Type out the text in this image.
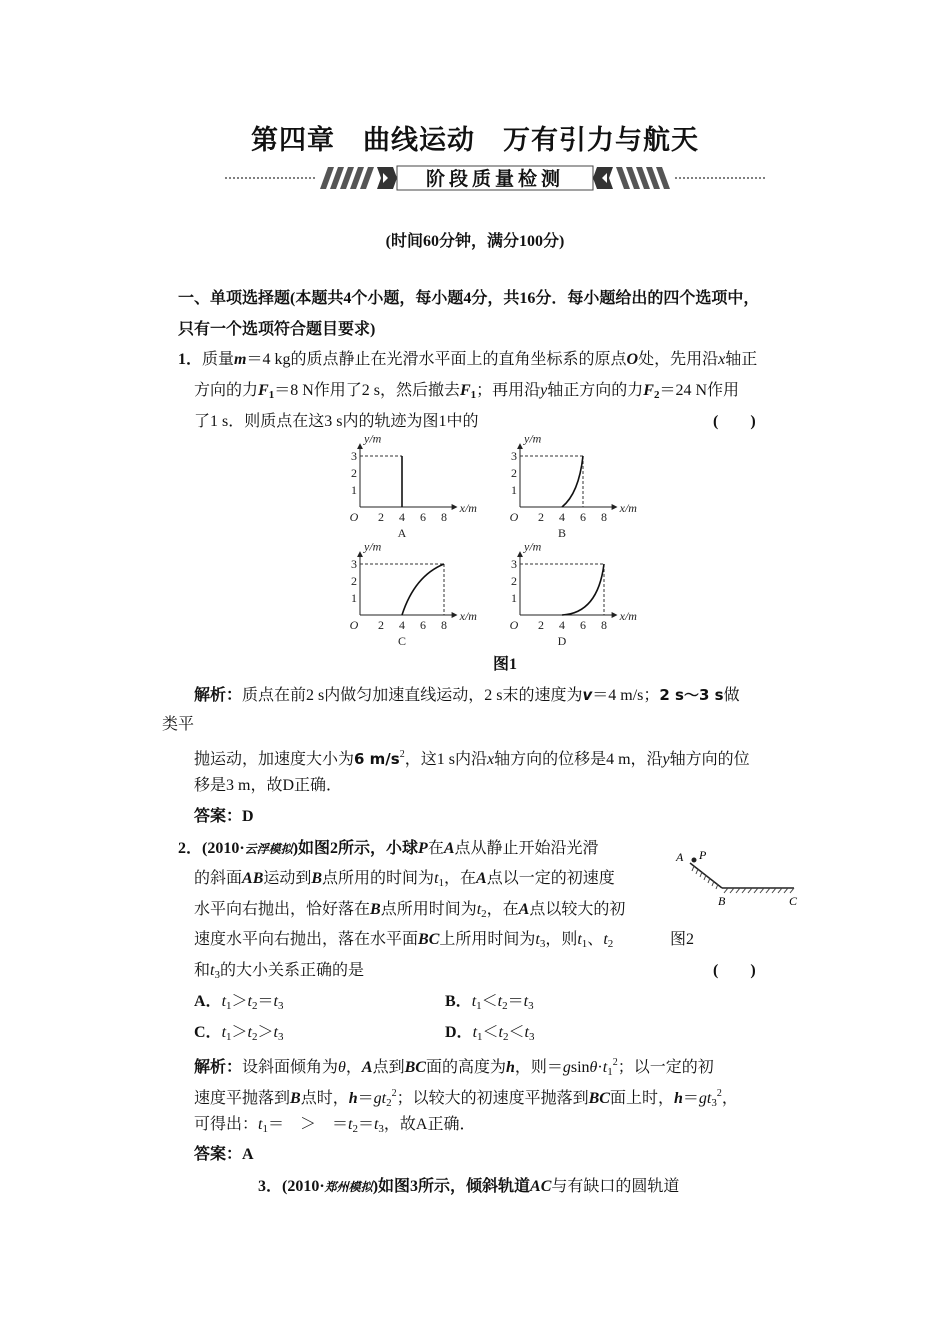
第四章　曲线运动　万有引力与航天
阶段质量检测
(时间60分钟，满分100分)
一、单项选择题(本题共4个小题，每小题4分，共16分．每小题给出的四个选项中，
只有一个选项符合题目要求)
1．质量m＝4 kg的质点静止在光滑水平面上的直角坐标系的原点O处，先用沿x轴正
方向的力$F_1=8$ N作用了2 s，然后撤去$F_1$；再用沿y轴正方向的力$F_2=24$ N作用
了1 s．则质点在这3 s内的轨迹为图1中的	(　　)
y/m
x/m
O 2 4 6 8
1
2
3
A
y/m
x/m
O 2 4 6 8
1
2
3
B
y/m
x/m
O 2 4 6 8
1
2
3
C
y/m
x/m
O 2 4 6 8
1
2
3
D
图1
解析：质点在前2 s内做匀加速直线运动，2 s末的速度为v＝4 m/s；2 s～3 s做
类平
抛运动，加速度大小为6 $m/s^2$，这1 s内沿x轴方向的位移是4 m，沿y轴方向的位
移是3 m，故D正确．
答案：D
2．(2010·云浮模拟)如图2所示，小球P在A点从静止开始沿光滑
的斜面AB运动到B点所用的时间为$t_1$，在A点以一定的初速度
水平向右抛出，恰好落在B点所用时间为$t_2$，在A点以较大的初
速度水平向右抛出，落在水平面BC上所用时间为$t_3$，则$t_1$、$t_2$	图2
和$t_3$的大小关系正确的是	(　　)
A P
B	C
A．$t_1>t_2=t_3$	B．$t_1<t_2=t_3$
C．$t_1>t_2>t_3$	D．$t_1<t_2<t_3$
解析：设斜面倾角为θ，A点到BC面的高度为h，则$=gsin\theta\cdot t_1^2$；以一定的初
速度平抛落到B点时，$h=gt_2^2$；以较大的初速度平抛落到BC面上时，$h=gt_3^2$，
可得出：$t_1=$　＞　$=t_2=t_3$，故A正确．
答案：A
3．(2010·郑州模拟)如图3所示，倾斜轨道AC与有缺口的圆轨道
